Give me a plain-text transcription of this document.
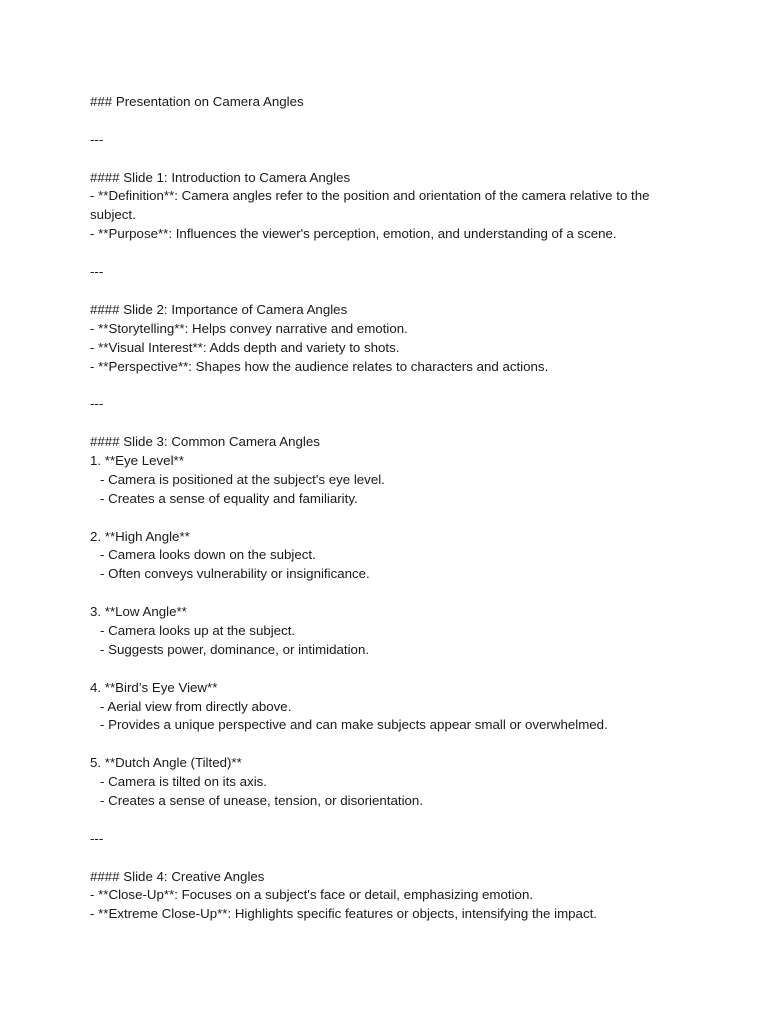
### Presentation on Camera Angles
---
#### Slide 1: Introduction to Camera Angles
- **Definition**: Camera angles refer to the position and orientation of the camera relative to the subject.
- **Purpose**: Influences the viewer's perception, emotion, and understanding of a scene.
---
#### Slide 2: Importance of Camera Angles
- **Storytelling**: Helps convey narrative and emotion.
- **Visual Interest**: Adds depth and variety to shots.
- **Perspective**: Shapes how the audience relates to characters and actions.
---
#### Slide 3: Common Camera Angles
1. **Eye Level**
- Camera is positioned at the subject's eye level.
- Creates a sense of equality and familiarity.
2. **High Angle**
- Camera looks down on the subject.
- Often conveys vulnerability or insignificance.
3. **Low Angle**
- Camera looks up at the subject.
- Suggests power, dominance, or intimidation.
4. **Bird’s Eye View**
- Aerial view from directly above.
- Provides a unique perspective and can make subjects appear small or overwhelmed.
5. **Dutch Angle (Tilted)**
- Camera is tilted on its axis.
- Creates a sense of unease, tension, or disorientation.
---
#### Slide 4: Creative Angles
- **Close-Up**: Focuses on a subject's face or detail, emphasizing emotion.
- **Extreme Close-Up**: Highlights specific features or objects, intensifying the impact.
